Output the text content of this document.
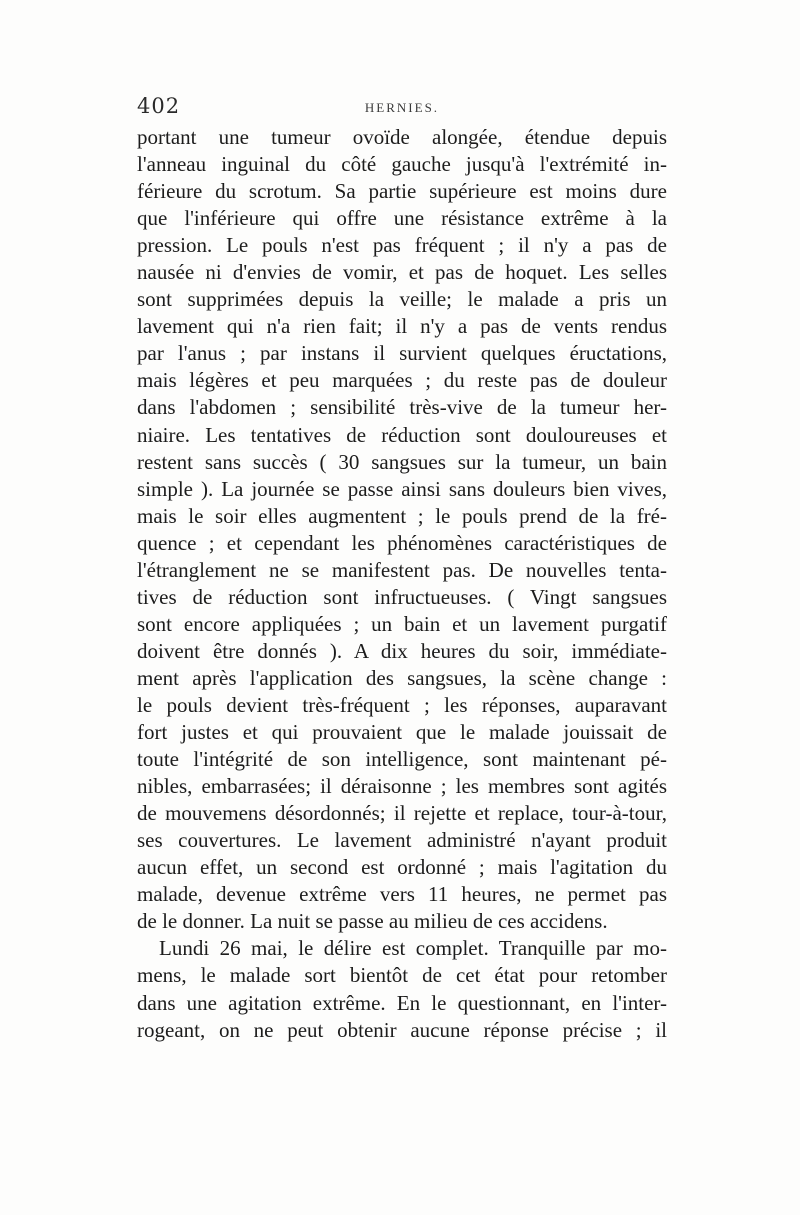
402	HERNIES.
portant une tumeur ovoïde alongée, étendue depuis
l'anneau inguinal du côté gauche jusqu'à l'extrémité in-
férieure du scrotum. Sa partie supérieure est moins dure
que l'inférieure qui offre une résistance extrême à la
pression. Le pouls n'est pas fréquent ; il n'y a pas de
nausée ni d'envies de vomir, et pas de hoquet. Les selles
sont supprimées depuis la veille; le malade a pris un
lavement qui n'a rien fait; il n'y a pas de vents rendus
par l'anus ; par instans il survient quelques éructations,
mais légères et peu marquées ; du reste pas de douleur
dans l'abdomen ; sensibilité très-vive de la tumeur her-
niaire. Les tentatives de réduction sont douloureuses et
restent sans succès ( 30 sangsues sur la tumeur, un bain
simple ). La journée se passe ainsi sans douleurs bien vives,
mais le soir elles augmentent ; le pouls prend de la fré-
quence ; et cependant les phénomènes caractéristiques de
l'étranglement ne se manifestent pas. De nouvelles tenta-
tives de réduction sont infructueuses. ( Vingt sangsues
sont encore appliquées ; un bain et un lavement purgatif
doivent être donnés ). A dix heures du soir, immédiate-
ment après l'application des sangsues, la scène change :
le pouls devient très-fréquent ; les réponses, auparavant
fort justes et qui prouvaient que le malade jouissait de
toute l'intégrité de son intelligence, sont maintenant pé-
nibles, embarrasées; il déraisonne ; les membres sont agités
de mouvemens désordonnés; il rejette et replace, tour-à-tour,
ses couvertures. Le lavement administré n'ayant produit
aucun effet, un second est ordonné ; mais l'agitation du
malade, devenue extrême vers 11 heures, ne permet pas
de le donner. La nuit se passe au milieu de ces accidens.
Lundi 26 mai, le délire est complet. Tranquille par mo-
mens, le malade sort bientôt de cet état pour retomber
dans une agitation extrême. En le questionnant, en l'inter-
rogeant, on ne peut obtenir aucune réponse précise ; il
